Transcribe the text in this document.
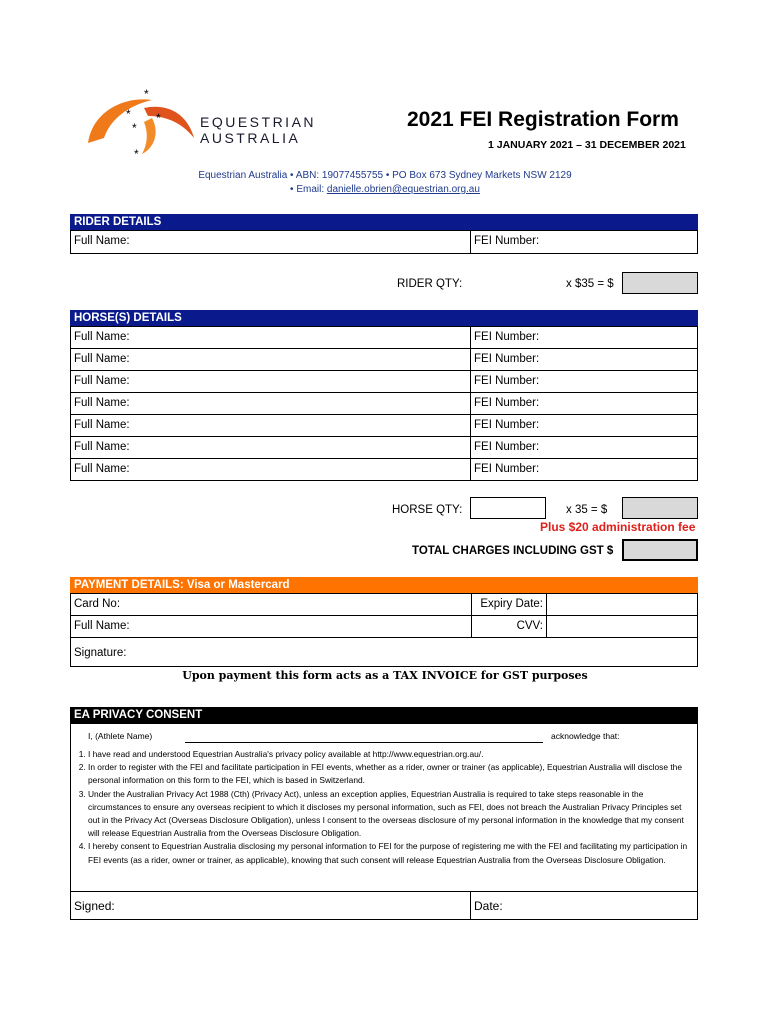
*
*
*
*
*
EQUESTRIAN
AUSTRALIA
2021 FEI Registration Form
1 JANUARY 2021 – 31 DECEMBER 2021
Equestrian Australia • ABN: 19077455755 • PO Box 673 Sydney Markets NSW 2129
• Email: danielle.obrien@equestrian.org.au
RIDER DETAILS
Full Name:	FEI Number:
RIDER QTY:	x $35 = $
HORSE(S) DETAILS
Full Name:	FEI Number:
Full Name:	FEI Number:
Full Name:	FEI Number:
Full Name:	FEI Number:
Full Name:	FEI Number:
Full Name:	FEI Number:
Full Name:	FEI Number:
HORSE QTY:	x 35 = $
Plus $20 administration fee
TOTAL CHARGES INCLUDING GST $
PAYMENT DETAILS: Visa or Mastercard
Card No:	Expiry Date:
Full Name:	CVV:
Signature:
Upon payment this form acts as a TAX INVOICE for GST purposes
EA PRIVACY CONSENT
I, (Athlete Name)	acknowledge that:
1. I have read and understood Equestrian Australia's privacy policy available at http://www.equestrian.org.au/.
2. In order to register with the FEI and facilitate participation in FEI events, whether as a rider, owner or trainer (as applicable), Equestrian Australia will disclose the personal information on this form to the FEI, which is based in Switzerland.
3. Under the Australian Privacy Act 1988 (Cth) (Privacy Act), unless an exception applies, Equestrian Australia is required to take steps reasonable in the circumstances to ensure any overseas recipient to which it discloses my personal information, such as FEI, does not breach the Australian Privacy Principles set out in the Privacy Act (Overseas Disclosure Obligation), unless I consent to the overseas disclosure of my personal information in the knowledge that my consent will release Equestrian Australia from the Overseas Disclosure Obligation.
4. I hereby consent to Equestrian Australia disclosing my personal information to FEI for the purpose of registering me with the FEI and facilitating my participation in FEI events (as a rider, owner or trainer, as applicable), knowing that such consent will release Equestrian Australia from the Overseas Disclosure Obligation.
Signed:	Date:
